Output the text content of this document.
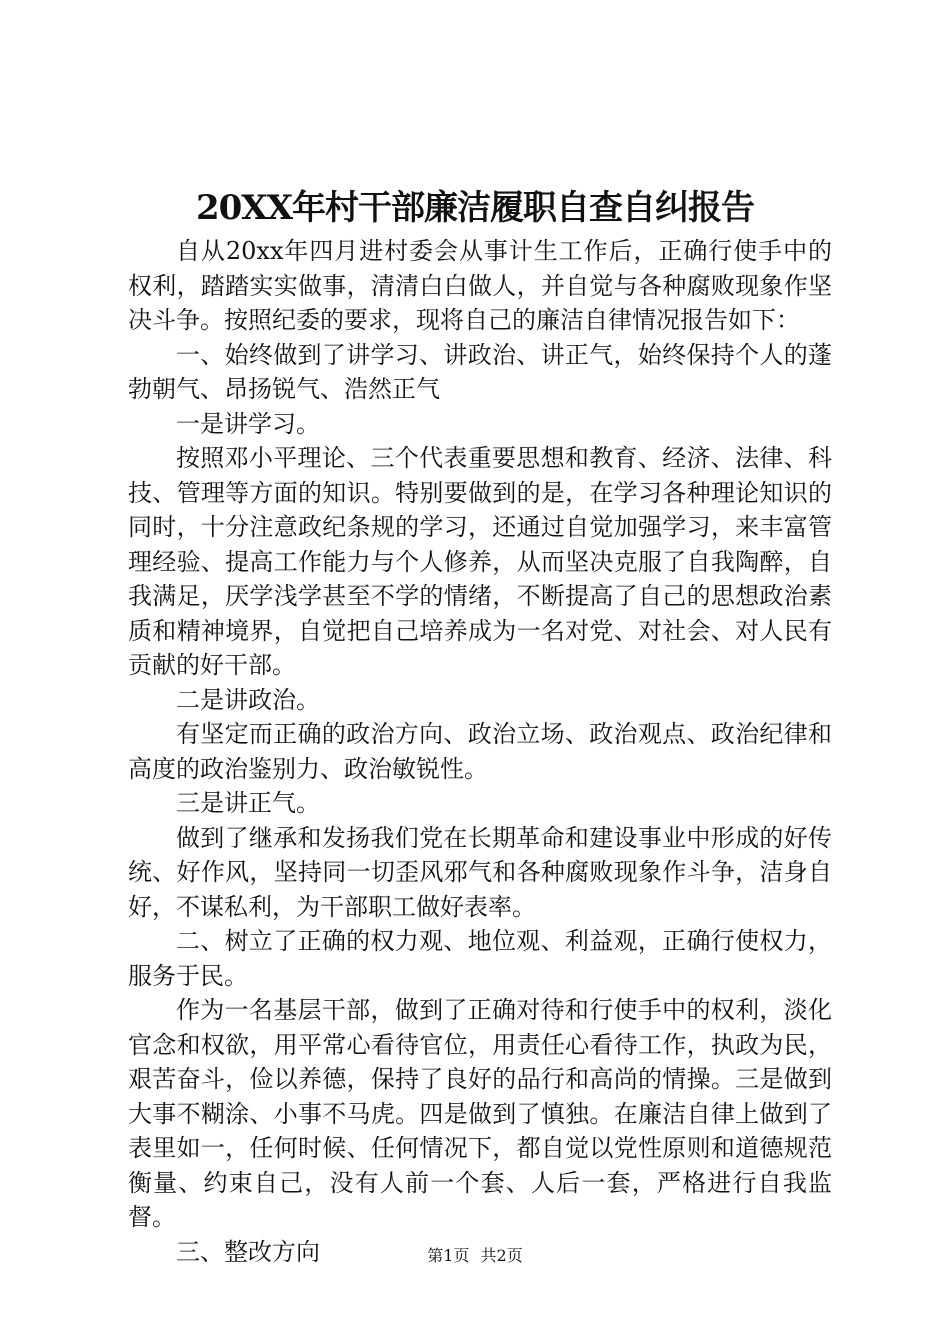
20XX年村干部廉洁履职自查自纠报告

自从20xx年四月进村委会从事计生工作后，正确行使手中的权利，踏踏实实做事，清清白白做人，并自觉与各种腐败现象作坚决斗争。按照纪委的要求，现将自己的廉洁自律情况报告如下：

一、始终做到了讲学习、讲政治、讲正气，始终保持个人的蓬勃朝气、昂扬锐气、浩然正气

一是讲学习。

按照邓小平理论、三个代表重要思想和教育、经济、法律、科技、管理等方面的知识。特别要做到的是，在学习各种理论知识的同时，十分注意政纪条规的学习，还通过自觉加强学习，来丰富管理经验、提高工作能力与个人修养，从而坚决克服了自我陶醉，自我满足，厌学浅学甚至不学的情绪，不断提高了自己的思想政治素质和精神境界，自觉把自己培养成为一名对党、对社会、对人民有贡献的好干部。

二是讲政治。

有坚定而正确的政治方向、政治立场、政治观点、政治纪律和高度的政治鉴别力、政治敏锐性。

三是讲正气。

做到了继承和发扬我们党在长期革命和建设事业中形成的好传统、好作风，坚持同一切歪风邪气和各种腐败现象作斗争，洁身自好，不谋私利，为干部职工做好表率。

二、树立了正确的权力观、地位观、利益观，正确行使权力，服务于民。

作为一名基层干部，做到了正确对待和行使手中的权利，淡化官念和权欲，用平常心看待官位，用责任心看待工作，执政为民，艰苦奋斗，俭以养德，保持了良好的品行和高尚的情操。三是做到大事不糊涂、小事不马虎。四是做到了慎独。在廉洁自律上做到了表里如一，任何时候、任何情况下，都自觉以党性原则和道德规范衡量、约束自己，没有人前一个套、人后一套，严格进行自我监督。

三、整改方向	第1页 共2页
